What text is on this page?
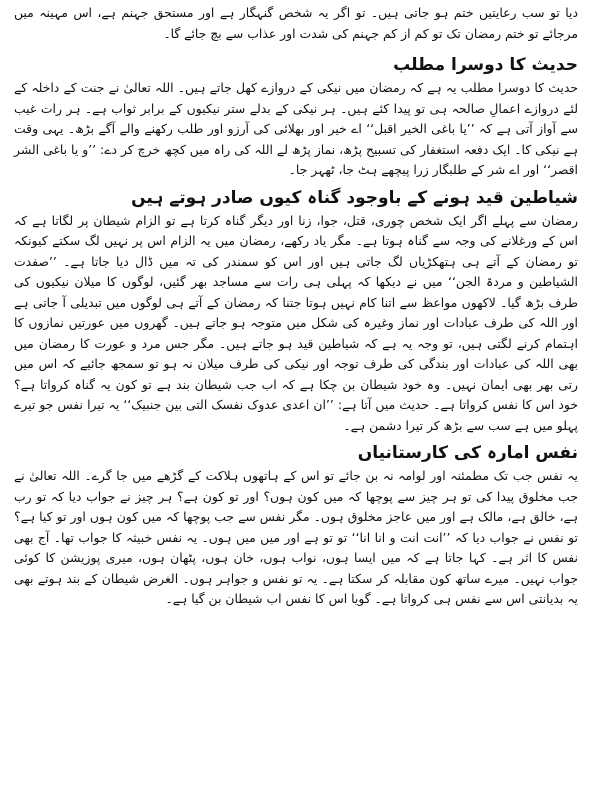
دیا تو سب رعایتیں ختم ہو جاتی ہیں۔ تو اگر یہ شخص گنہگار ہے اور مستحق جہنم ہے، اس مہینہ میں مرجائے تو ختم رمضان تک تو کم از کم جہنم کی شدت اور عذاب سے بچ جائے گا۔

حدیث کا دوسرا مطلب

حدیث کا دوسرا مطلب یہ ہے کہ رمضان میں نیکی کے دروازے کھل جاتے ہیں۔ اللہ تعالیٰ نے جنت کے داخلہ کے لئے دروازے اعمالِ صالحہ ہی تو پیدا کئے ہیں۔ ہر نیکی کے بدلے ستر نیکیوں کے برابر ثواب ہے۔ ہر رات غیب سے آواز آتی ہے کہ ’’یا باغی الخیر اقبل‘‘ اے خیر اور بھلائی کی آرزو اور طلب رکھنے والے آگے بڑھ۔ یہی وقت ہے نیکی کا۔ ایک دفعہ استغفار کی تسبیح پڑھ، نماز پڑھ لے اللہ کی راہ میں کچھ خرچ کر دے: ’’و یا باغی الشر اقصر‘‘ اور اے شر کے طلبگار زرا پیچھے ہٹ جا، ٹھہر جا۔

شیاطین قید ہونے کے باوجود گناہ کیوں صادر ہوتے ہیں

رمضان سے پہلے اگر ایک شخص چوری، قتل، جوا، زنا اور دیگر گناہ کرتا ہے تو الزام شیطان پر لگاتا ہے کہ اس کے ورغلانے کی وجہ سے گناہ ہوتا ہے۔ مگر یاد رکھے، رمضان میں یہ الزام اس پر نہیں لگ سکتے کیونکہ تو رمضان کے آتے ہی ہتھکڑیاں لگ جاتی ہیں اور اس کو سمندر کی تہ میں ڈال دیا جاتا ہے۔ ’’صفدت الشیاطین و مردۃ الجن‘‘ میں نے دیکھا کہ پہلی ہی رات سے مساجد بھر گئیں، لوگوں کا میلان نیکیوں کی طرف بڑھ گیا۔ لاکھوں مواعظ سے اتنا کام نہیں ہوتا جتنا کہ رمضان کے آتے ہی لوگوں میں تبدیلی آ جاتی ہے اور اللہ کی طرف عبادات اور نماز وغیرہ کی شکل میں متوجہ ہو جاتے ہیں۔ گھروں میں عورتیں نمازوں کا اہتمام کرنے لگتی ہیں، تو وجہ یہ ہے کہ شیاطین قید ہو جاتے ہیں۔ مگر جس مرد و عورت کا رمضان میں بھی اللہ کی عبادات اور بندگی کی طرف توجہ اور نیکی کی طرف میلان نہ ہو تو سمجھ جائیے کہ اس میں رتی بھر بھی ایمان نہیں۔ وہ خود شیطان بن چکا ہے کہ اب جب شیطان بند ہے تو کون یہ گناہ کرواتا ہے؟ خود اس کا نفس کرواتا ہے۔ حدیث میں آتا ہے: ’’ان اعدی عدوک نفسک التی بین جنبیک‘‘ یہ تیرا نفس جو تیرے پہلو میں ہے سب سے بڑھ کر تیرا دشمن ہے۔

نفس امارہ کی کارستانیاں

یہ نفس جب تک مطمئنہ اور لوامہ نہ بن جائے تو اس کے ہاتھوں ہلاکت کے گڑھے میں جا گرے۔ اللہ تعالیٰ نے جب مخلوق پیدا کی تو ہر چیز سے پوچھا کہ میں کون ہوں؟ اور تو کون ہے؟ ہر چیز نے جواب دیا کہ تو رب ہے، خالق ہے، مالک ہے اور میں عاجز مخلوق ہوں۔ مگر نفس سے جب پوچھا کہ میں کون ہوں اور تو کیا ہے؟ تو نفس نے جواب دیا کہ ’’انت انت و انا انا‘‘ تو تو ہے اور میں میں ہوں۔ یہ نفس خبیثہ کا جواب تھا۔ آج بھی نفس کا اثر ہے۔ کہا جاتا ہے کہ میں ایسا ہوں، نواب ہوں، خان ہوں، پٹھان ہوں، میری پوزیشن کا کوئی جواب نہیں۔ میرے ساتھ کون مقابلہ کر سکتا ہے۔ یہ تو نفس و جواہر ہوں۔ الغرض شیطان کے بند ہوتے بھی یہ بدیانتی اس سے نفس ہی کرواتا ہے۔ گویا اس کا نفس اب شیطان بن گیا ہے۔
